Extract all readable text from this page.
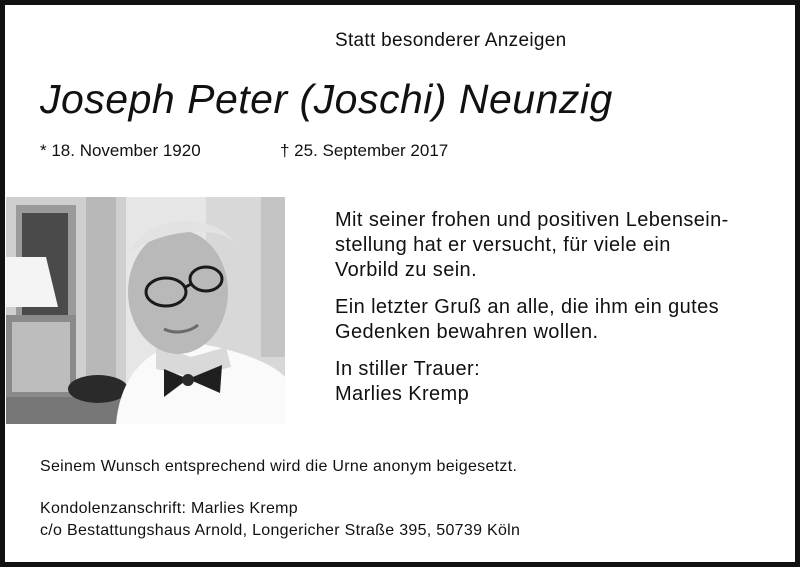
Statt besonderer Anzeigen
Joseph Peter (Joschi) Neunzig
* 18. November 1920	† 25. September 2017

Mit seiner frohen und positiven Lebensein-
stellung hat er versucht, für viele ein
Vorbild zu sein.

Ein letzter Gruß an alle, die ihm ein gutes
Gedenken bewahren wollen.

In stiller Trauer:
Marlies Kremp

Seinem Wunsch entsprechend wird die Urne anonym beigesetzt.
Kondolenzanschrift: Marlies Kremp
c/o Bestattungshaus Arnold, Longericher Straße 395, 50739 Köln
